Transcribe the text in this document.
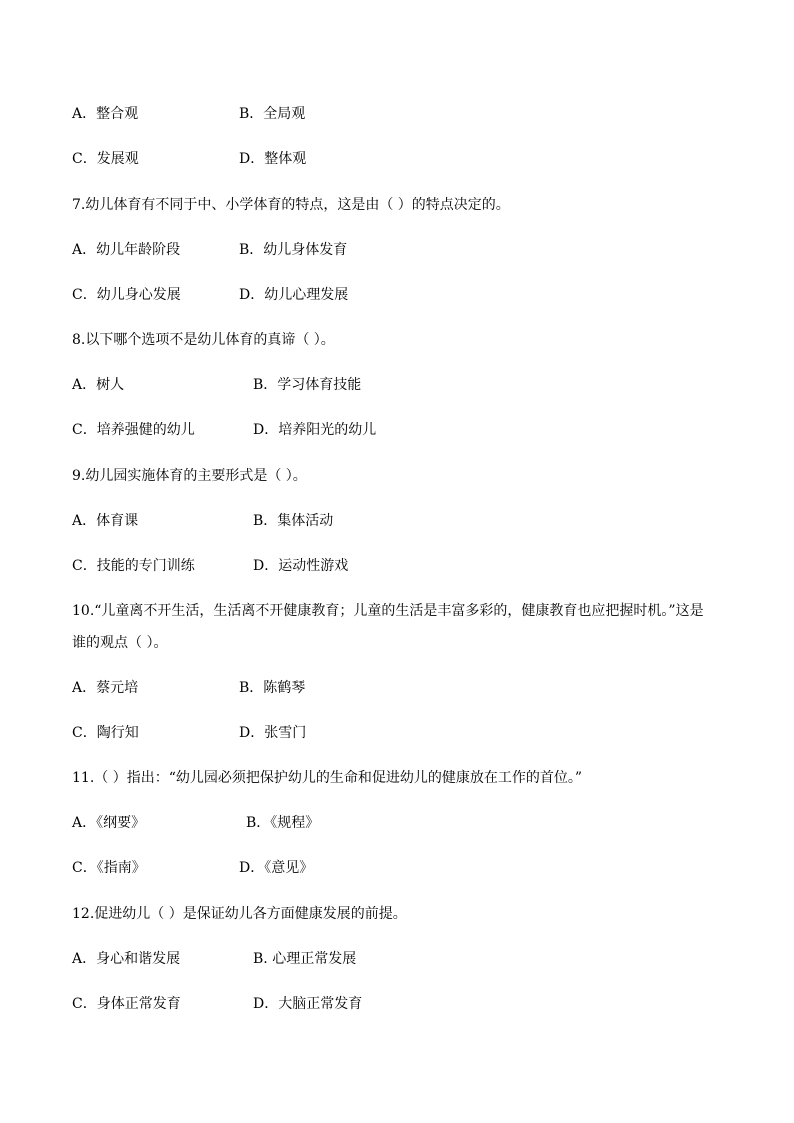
A．整合观	B．全局观
C．发展观	D．整体观
7.幼儿体育有不同于中、小学体育的特点，这是由（ ）的特点决定的。
A．幼儿年龄阶段	B．幼儿身体发育
C．幼儿身心发展	D．幼儿心理发展
8.以下哪个选项不是幼儿体育的真谛（ ）。
A．树人	B．学习体育技能
C．培养强健的幼儿	D．培养阳光的幼儿
9.幼儿园实施体育的主要形式是（ ）。
A．体育课	B．集体活动
C．技能的专门训练	D．运动性游戏
10.“儿童离不开生活，生活离不开健康教育；儿童的生活是丰富多彩的，健康教育也应把握时机。”这是
谁的观点（ ）。
A．蔡元培	B．陈鹤琴
C．陶行知	D．张雪门
11.（ ）指出：“幼儿园必须把保护幼儿的生命和促进幼儿的健康放在工作的首位。”
A．《纲要》	B．《规程》
C．《指南》	D．《意见》
12.促进幼儿（ ）是保证幼儿各方面健康发展的前提。
A．身心和谐发展	B. 心理正常发展
C．身体正常发育	D．大脑正常发育
